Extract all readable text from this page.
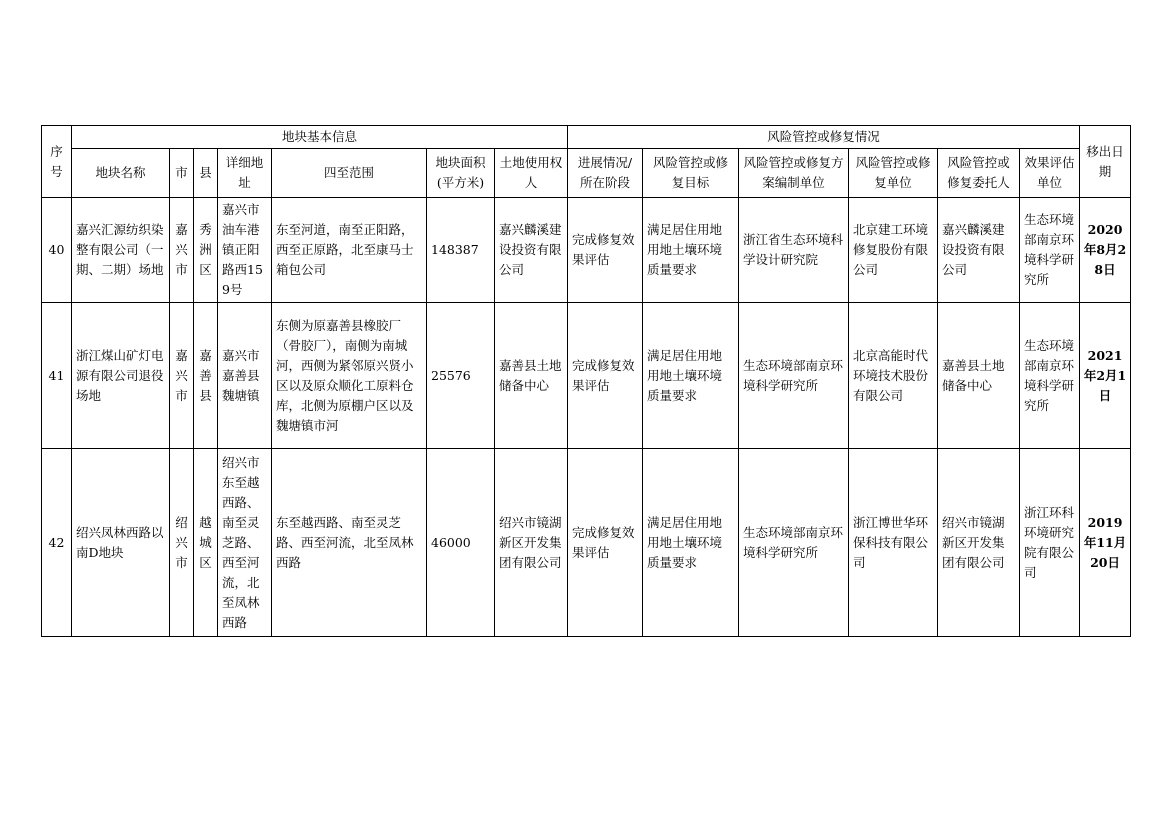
序号	地块基本信息							风险管控或修复情况						移出日期
	地块名称	市	县	详细地址	四至范围	地块面积(平方米)	土地使用权人	进展情况/所在阶段	风险管控或修复目标	风险管控或修复方案编制单位	风险管控或修复单位	风险管控或修复委托人	效果评估单位	
40	嘉兴汇源纺织染整有限公司（一期、二期）场地	嘉兴市	秀洲区	嘉兴市油车港镇正阳路西159号	东至河道，南至正阳路，西至正原路，北至康马士箱包公司	148387	嘉兴麟溪建设投资有限公司	完成修复效果评估	满足居住用地用地土壤环境质量要求	浙江省生态环境科学设计研究院	北京建工环境修复股份有限公司	嘉兴麟溪建设投资有限公司	生态环境部南京环境科学研究所	2020年8月28日
41	浙江煤山矿灯电源有限公司退役场地	嘉兴市	嘉善县	嘉兴市嘉善县魏塘镇	东侧为原嘉善县橡胶厂（骨胶厂），南侧为南城河，西侧为紧邻原兴贤小区以及原众顺化工原料仓库，北侧为原棚户区以及魏塘镇市河	25576	嘉善县土地储备中心	完成修复效果评估	满足居住用地用地土壤环境质量要求	生态环境部南京环境科学研究所	北京高能时代环境技术股份有限公司	嘉善县土地储备中心	生态环境部南京环境科学研究所	2021年2月1日
42	绍兴凤林西路以南D地块	绍兴市	越城区	绍兴市东至越西路、南至灵芝路、西至河流，北至凤林西路	东至越西路、南至灵芝路、西至河流，北至凤林西路	46000	绍兴市镜湖新区开发集团有限公司	完成修复效果评估	满足居住用地用地土壤环境质量要求	生态环境部南京环境科学研究所	浙江博世华环保科技有限公司	绍兴市镜湖新区开发集团有限公司	浙江环科环境研究院有限公司	2019年11月20日
